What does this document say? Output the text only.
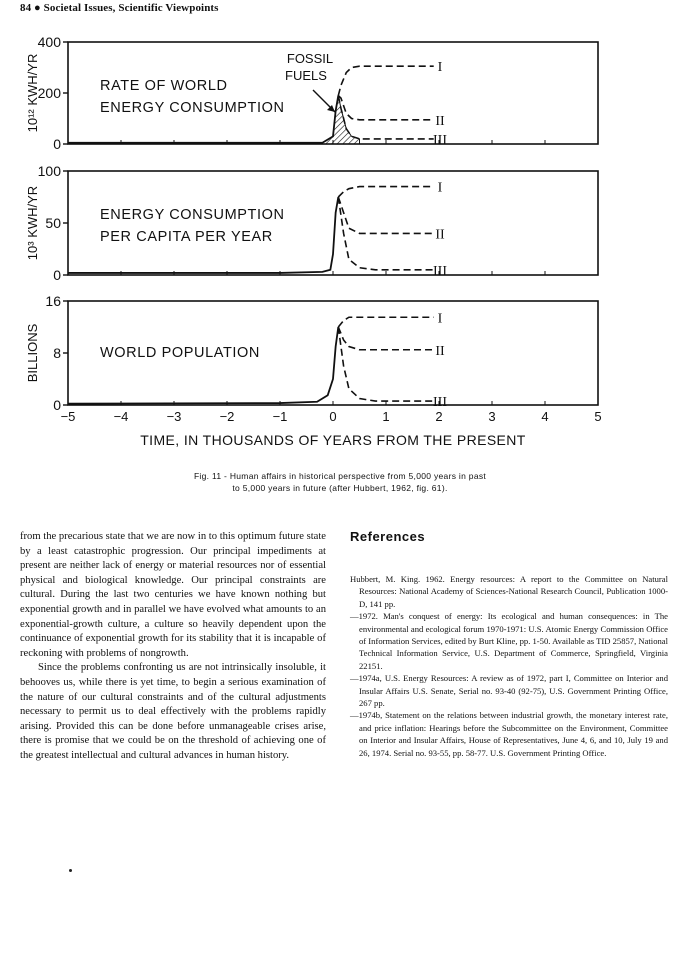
84 ● Societal Issues, Scientific Viewpoints
400
200
0
10¹² KWH/YR	I
II
III
RATE OF WORLD
ENERGY CONSUMPTION
FOSSIL
FUELS
100
50
0
10³ KWH/YR	I
II
III
ENERGY CONSUMPTION
PER CAPITA PER YEAR
16
8
0
BILLIONS
I
II
III
WORLD POPULATION
−5	−4	−3	−2	−1	0	1	2	3	4	5
TIME, IN THOUSANDS OF YEARS FROM THE PRESENT
Fig. 11 - Human affairs in historical perspective from 5,000 years in past
to 5,000 years in future (after Hubbert, 1962, fig. 61).

from the precarious state that we are now in to this optimum future state by a least catastrophic progression. Our principal impediments at present are neither lack of energy or material resources nor of essential physical and biological knowledge. Our principal constraints are cultural. During the last two centuries we have known nothing but exponential growth and in parallel we have evolved what amounts to an exponential-growth culture, a culture so heavily dependent upon the continuance of exponential growth for its stability that it is incapable of reckoning with problems of nongrowth.

Since the problems confronting us are not intrinsically insoluble, it behooves us, while there is yet time, to begin a serious examination of the nature of our cultural constraints and of the cultural adjustments necessary to permit us to deal effectively with the problems rapidly arising. Provided this can be done before unmanageable crises arise, there is promise that we could be on the threshold of achieving one of the greatest intellectual and cultural advances in human history.

References

Hubbert, M. King. 1962. Energy resources: A report to the Committee on Natural Resources: National Academy of Sciences-National Research Council, Publication 1000-D, 141 pp.

—1972. Man's conquest of energy: Its ecological and human consequences: in The environmental and ecological forum 1970-1971: U.S. Atomic Energy Commission Office of Information Services, edited by Burt Kline, pp. 1-50. Available as TID 25857, National Technical Information Service, U.S. Department of Commerce, Springfield, Virginia 22151.

—1974a, U.S. Energy Resources: A review as of 1972, part I, Committee on Interior and Insular Affairs U.S. Senate, Serial no. 93-40 (92-75), U.S. Government Printing Office, 267 pp.

—1974b, Statement on the relations between industrial growth, the monetary interest rate, and price inflation: Hearings before the Subcommittee on the Environment, Committee on Interior and Insular Affairs, House of Representatives, June 4, 6, and 10, July 19 and 26, 1974. Serial no. 93-55, pp. 58-77. U.S. Government Printing Office.
